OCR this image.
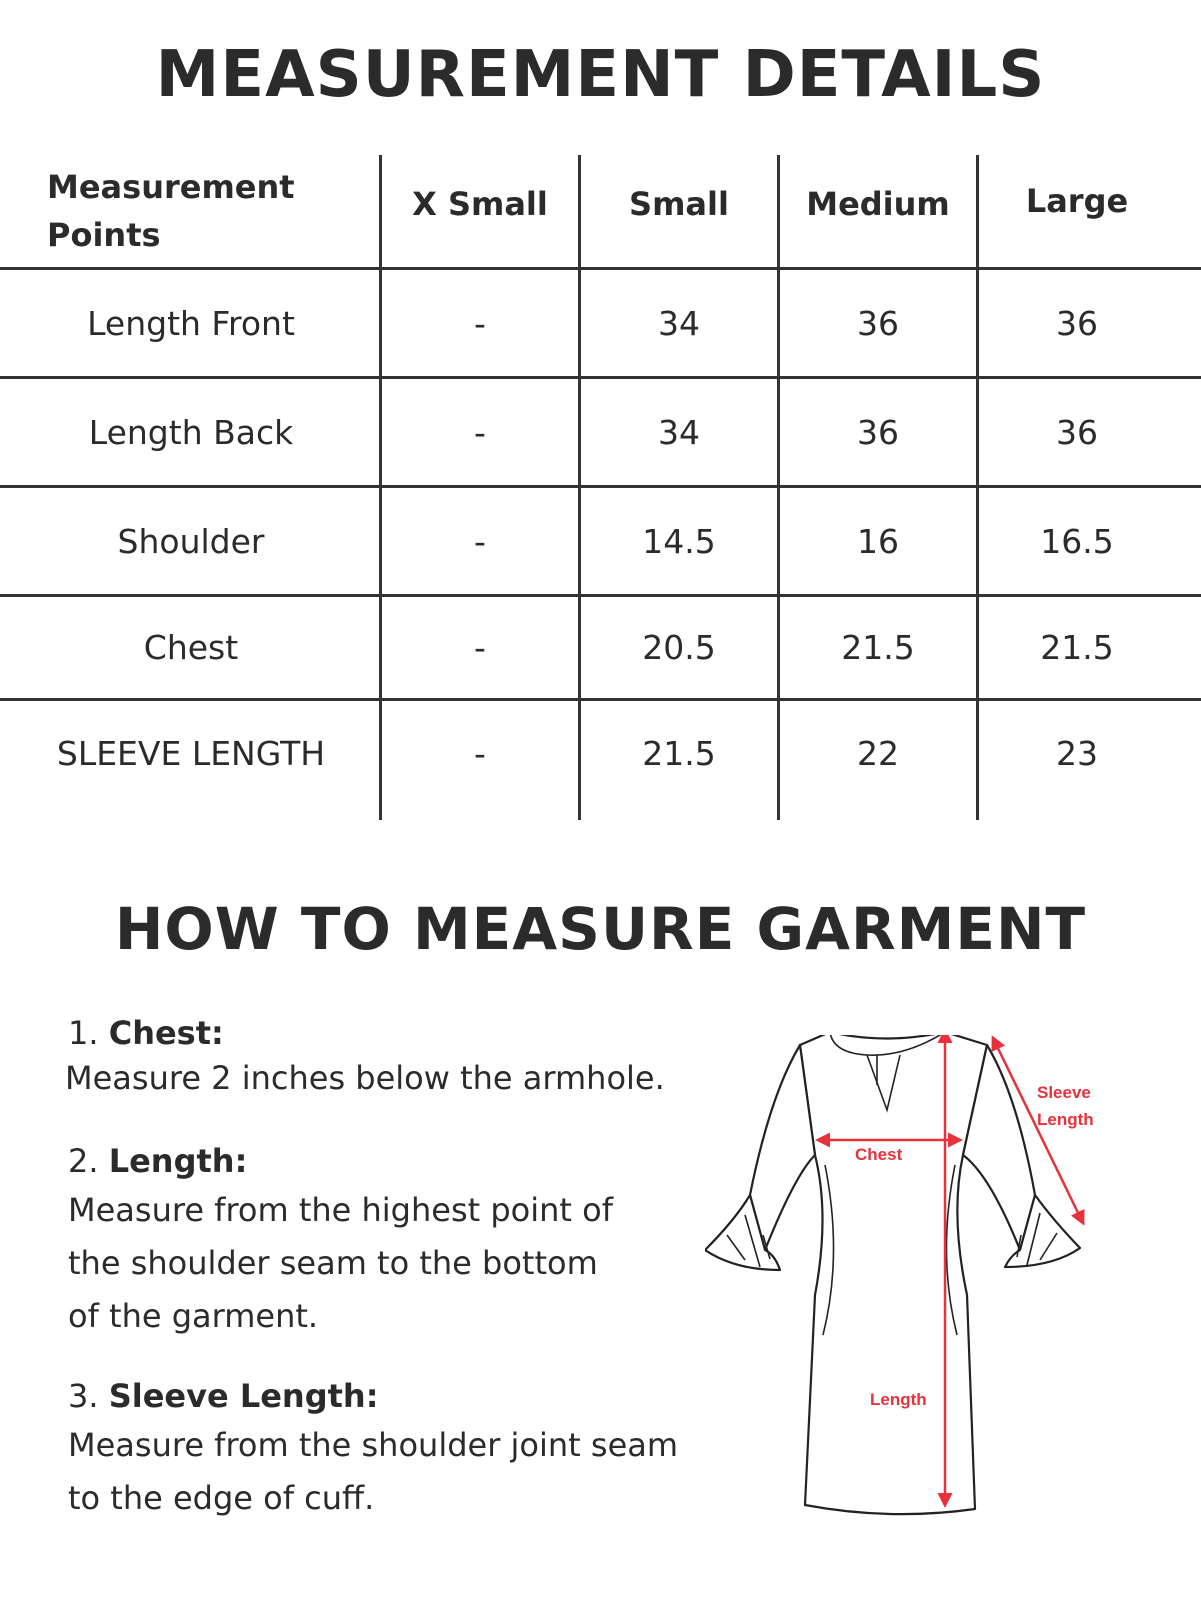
MEASUREMENT DETAILS
Measurement
Points
X Small	Small	Medium	Large
Length Front	-	34	36	36
Length Back	-	34	36	36
Shoulder	-	14.5	16	16.5
Chest	-	20.5	21.5	21.5
SLEEVE LENGTH	-	21.5	22	23
HOW TO MEASURE GARMENT
1. Chest:
Measure 2 inches below the armhole.
2. Length:
Measure from the highest point of
the shoulder seam to the bottom
of the garment.
3. Sleeve Length:
Measure from the shoulder joint seam
to the edge of cuff.
Chest
Length
Sleeve
Length
